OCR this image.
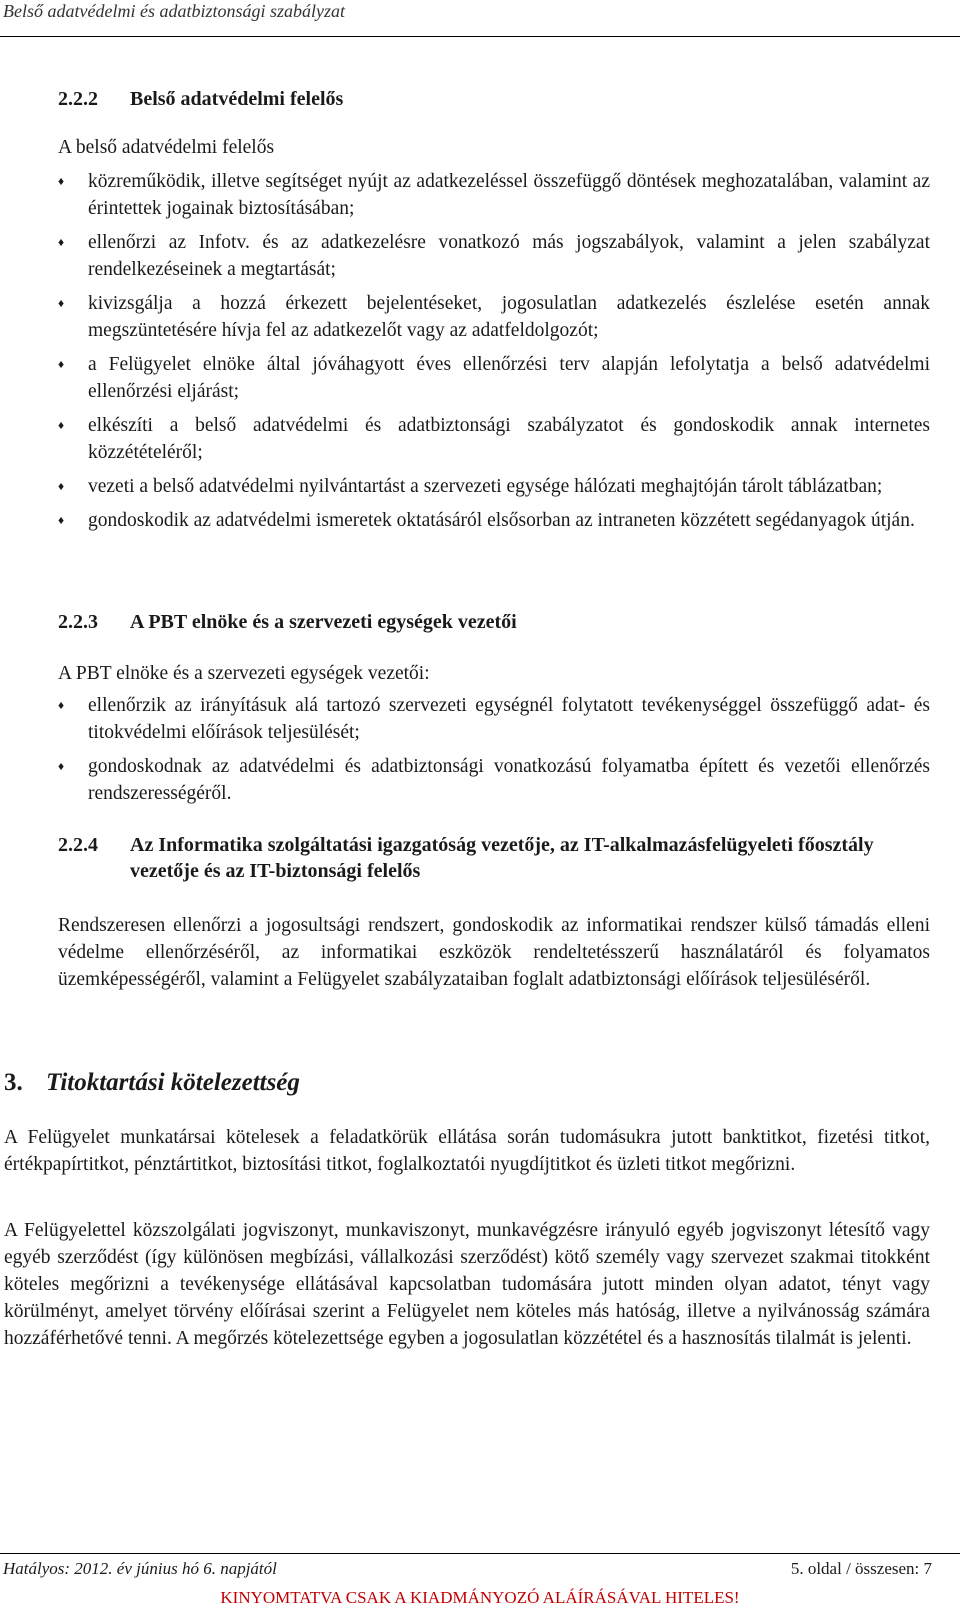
Belső adatvédelmi és adatbiztonsági szabályzat
2.2.2 Belső adatvédelmi felelős

A belső adatvédelmi felelős

♦ közreműködik, illetve segítséget nyújt az adatkezeléssel összefüggő döntések meghozatalában, valamint az érintettek jogainak biztosításában;
♦ ellenőrzi az Infotv. és az adatkezelésre vonatkozó más jogszabályok, valamint a jelen szabályzat rendelkezéseinek a megtartását;
♦ kivizsgálja a hozzá érkezett bejelentéseket, jogosulatlan adatkezelés észlelése esetén annak megszüntetésére hívja fel az adatkezelőt vagy az adatfeldolgozót;
♦ a Felügyelet elnöke által jóváhagyott éves ellenőrzési terv alapján lefolytatja a belső adatvédelmi ellenőrzési eljárást;
♦ elkészíti a belső adatvédelmi és adatbiztonsági szabályzatot és gondoskodik annak internetes közzétételéről;
♦ vezeti a belső adatvédelmi nyilvántartást a szervezeti egysége hálózati meghajtóján tárolt táblázatban;
♦ gondoskodik az adatvédelmi ismeretek oktatásáról elsősorban az intraneten közzétett segédanyagok útján.
2.2.3 A PBT elnöke és a szervezeti egységek vezetői

A PBT elnöke és a szervezeti egységek vezetői:

♦ ellenőrzik az irányításuk alá tartozó szervezeti egységnél folytatott tevékenységgel összefüggő adat- és titokvédelmi előírások teljesülését;
♦ gondoskodnak az adatvédelmi és adatbiztonsági vonatkozású folyamatba épített és vezetői ellenőrzés rendszerességéről.
2.2.4	Az Informatika szolgáltatási igazgatóság vezetője, az IT-alkalmazásfelügyeleti főosztály vezetője és az IT-biztonsági felelős

Rendszeresen ellenőrzi a jogosultsági rendszert, gondoskodik az informatikai rendszer külső támadás elleni védelme ellenőrzéséről, az informatikai eszközök rendeltetésszerű használatáról és folyamatos üzemképességéről, valamint a Felügyelet szabályzataiban foglalt adatbiztonsági előírások teljesüléséről.

3. Titoktartási kötelezettség

A Felügyelet munkatársai kötelesek a feladatkörük ellátása során tudomásukra jutott banktitkot, fizetési titkot, értékpapírtitkot, pénztártitkot, biztosítási titkot, foglalkoztatói nyugdíjtitkot és üzleti titkot megőrizni.

A Felügyelettel közszolgálati jogviszonyt, munkaviszonyt, munkavégzésre irányuló egyéb jogviszonyt létesítő vagy egyéb szerződést (így különösen megbízási, vállalkozási szerződést) kötő személy vagy szervezet szakmai titokként köteles megőrizni a tevékenysége ellátásával kapcsolatban tudomására jutott minden olyan adatot, tényt vagy körülményt, amelyet törvény előírásai szerint a Felügyelet nem köteles más hatóság, illetve a nyilvánosság számára hozzáférhetővé tenni. A megőrzés kötelezettsége egyben a jogosulatlan közzététel és a hasznosítás tilalmát is jelenti.

Hatályos: 2012. év június hó 6. napjától	5. oldal / összesen: 7
KINYOMTATVA CSAK A KIADMÁNYOZÓ ALÁÍRÁSÁVAL HITELES!
